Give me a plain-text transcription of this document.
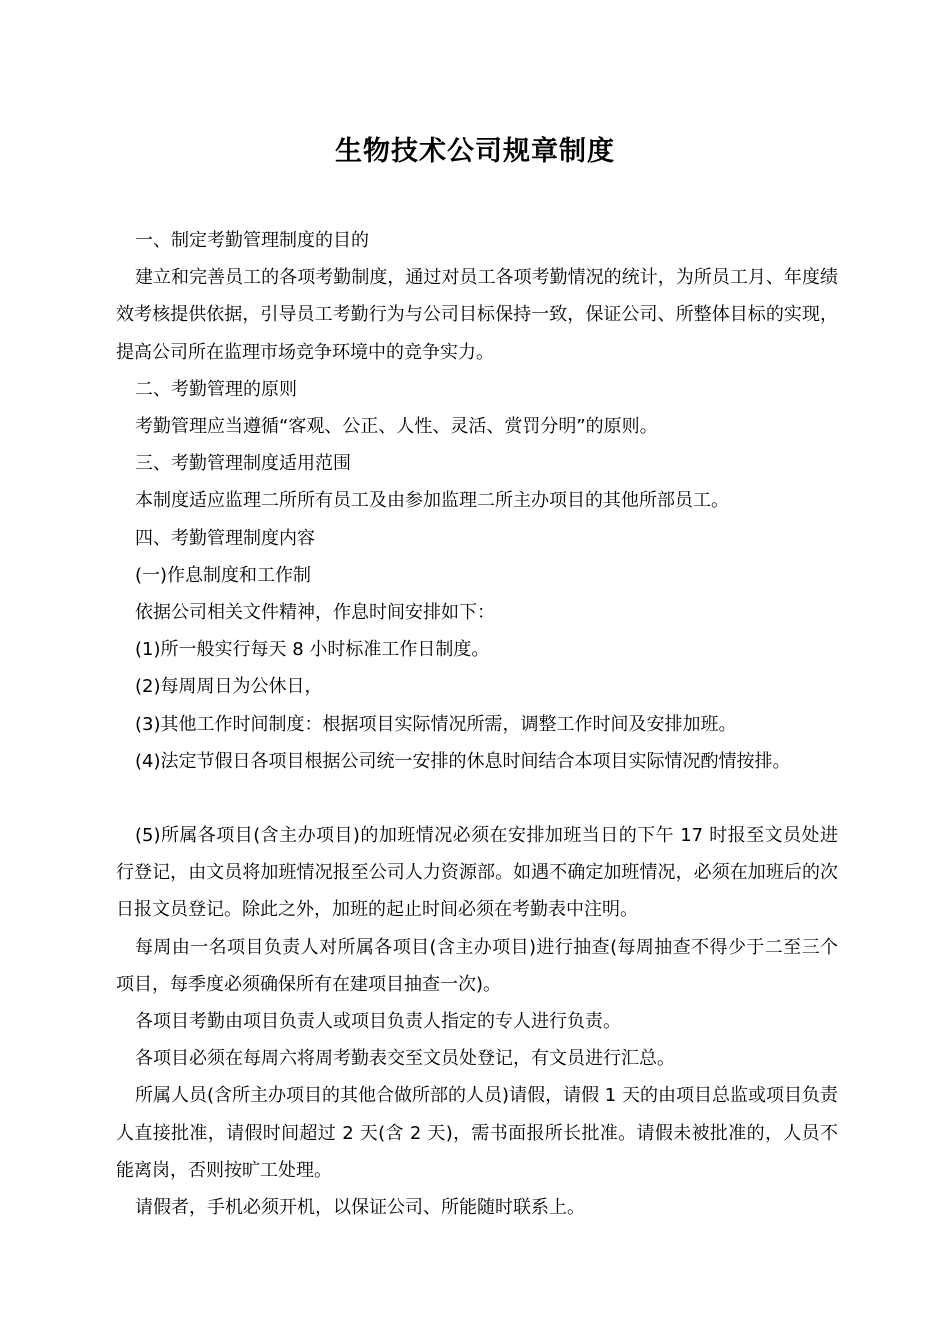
生物技术公司规章制度

一、制定考勤管理制度的目的

建立和完善员工的各项考勤制度，通过对员工各项考勤情况的统计，为所员工月、年度绩效考核提供依据，引导员工考勤行为与公司目标保持一致，保证公司、所整体目标的实现，提高公司所在监理市场竞争环境中的竞争实力。

二、考勤管理的原则

考勤管理应当遵循“客观、公正、人性、灵活、赏罚分明”的原则。

三、考勤管理制度适用范围

本制度适应监理二所所有员工及由参加监理二所主办项目的其他所部员工。

四、考勤管理制度内容

(一)作息制度和工作制

依据公司相关文件精神，作息时间安排如下：

(1)所一般实行每天 8 小时标准工作日制度。

(2)每周周日为公休日，

(3)其他工作时间制度：根据项目实际情况所需，调整工作时间及安排加班。

(4)法定节假日各项目根据公司统一安排的休息时间结合本项目实际情况酌情按排。

(5)所属各项目(含主办项目)的加班情况必须在安排加班当日的下午 17 时报至文员处进行登记，由文员将加班情况报至公司人力资源部。如遇不确定加班情况，必须在加班后的次日报文员登记。除此之外，加班的起止时间必须在考勤表中注明。

每周由一名项目负责人对所属各项目(含主办项目)进行抽查(每周抽查不得少于二至三个项目，每季度必须确保所有在建项目抽查一次)。

各项目考勤由项目负责人或项目负责人指定的专人进行负责。

各项目必须在每周六将周考勤表交至文员处登记，有文员进行汇总。

所属人员(含所主办项目的其他合做所部的人员)请假，请假 1 天的由项目总监或项目负责人直接批准，请假时间超过 2 天(含 2 天)，需书面报所长批准。请假未被批准的，人员不能离岗，否则按旷工处理。

请假者，手机必须开机，以保证公司、所能随时联系上。
